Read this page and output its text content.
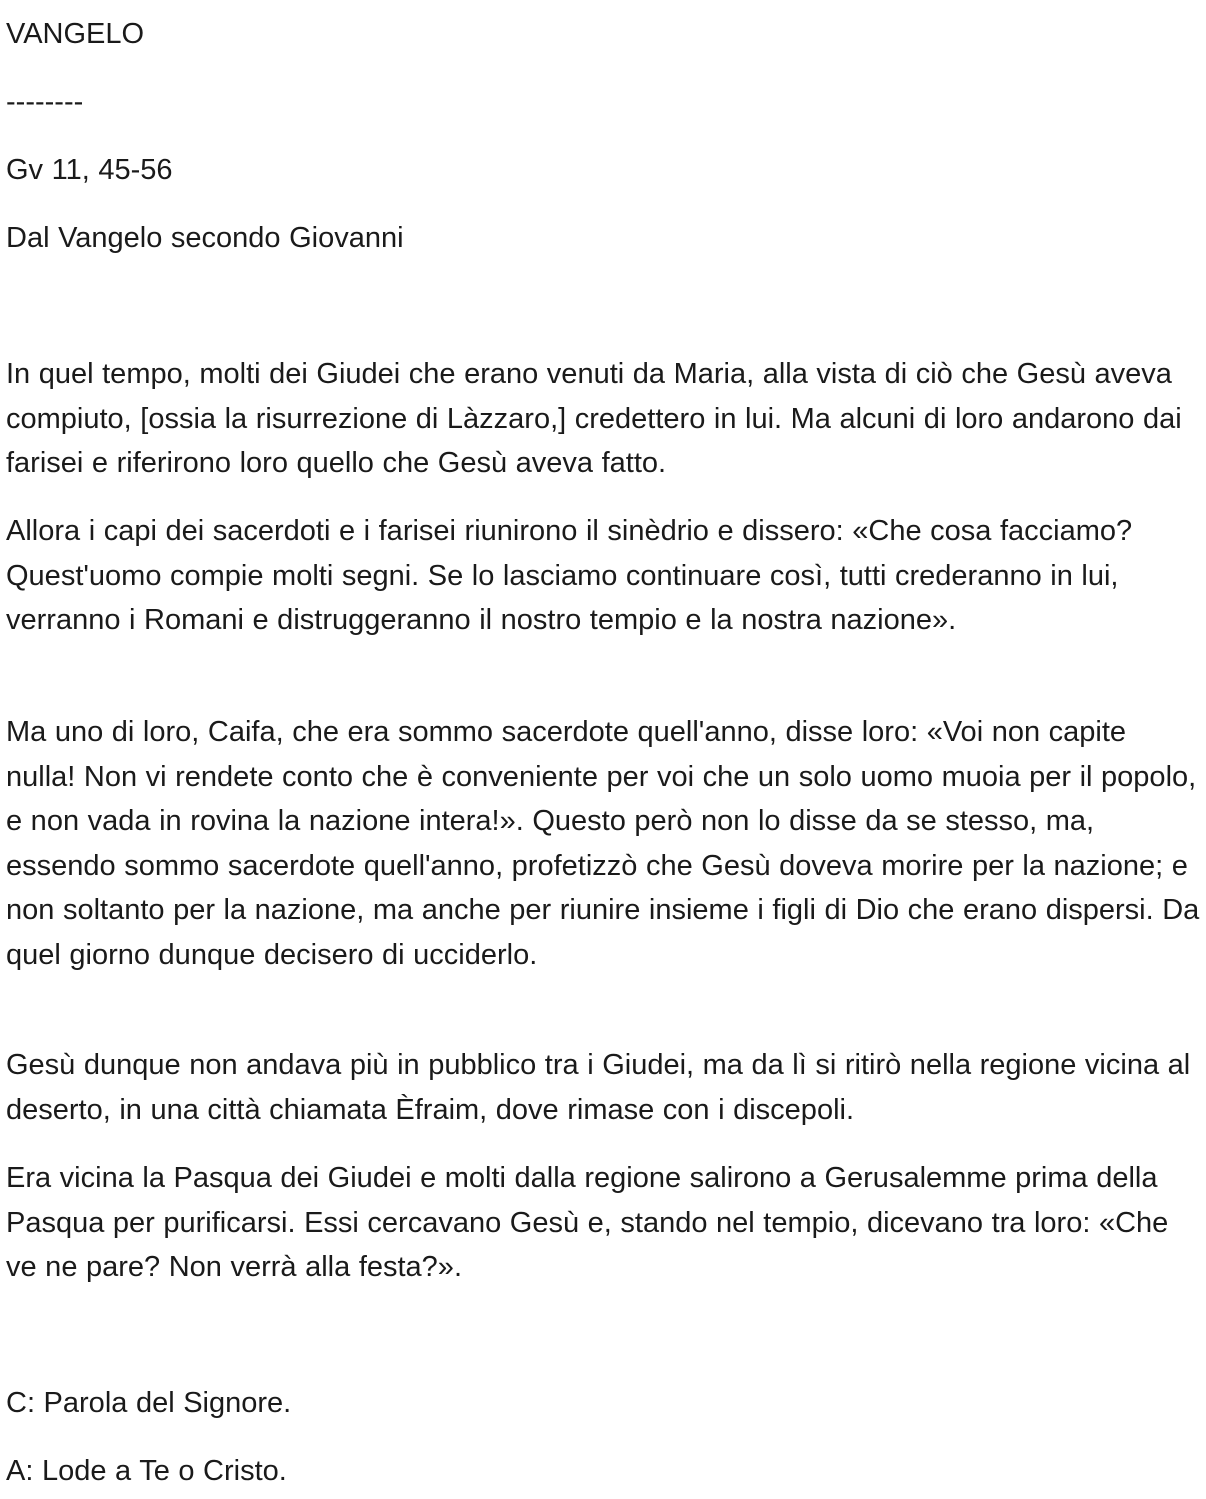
VANGELO
--------
Gv 11, 45-56
Dal Vangelo secondo Giovanni
In quel tempo, molti dei Giudei che erano venuti da Maria, alla vista di ciò che Gesù aveva compiuto, [ossia la risurrezione di Làzzaro,] credettero in lui. Ma alcuni di loro andarono dai farisei e riferirono loro quello che Gesù aveva fatto.
Allora i capi dei sacerdoti e i farisei riunirono il sinèdrio e dissero: «Che cosa facciamo? Quest'uomo compie molti segni. Se lo lasciamo continuare così, tutti crederanno in lui, verranno i Romani e distruggeranno il nostro tempio e la nostra nazione».
Ma uno di loro, Caifa, che era sommo sacerdote quell'anno, disse loro: «Voi non capite nulla! Non vi rendete conto che è conveniente per voi che un solo uomo muoia per il popolo, e non vada in rovina la nazione intera!». Questo però non lo disse da se stesso, ma, essendo sommo sacerdote quell'anno, profetizzò che Gesù doveva morire per la nazione; e non soltanto per la nazione, ma anche per riunire insieme i figli di Dio che erano dispersi. Da quel giorno dunque decisero di ucciderlo.
Gesù dunque non andava più in pubblico tra i Giudei, ma da lì si ritirò nella regione vicina al deserto, in una città chiamata Èfraim, dove rimase con i discepoli.
Era vicina la Pasqua dei Giudei e molti dalla regione salirono a Gerusalemme prima della Pasqua per purificarsi. Essi cercavano Gesù e, stando nel tempio, dicevano tra loro: «Che ve ne pare? Non verrà alla festa?».
C: Parola del Signore.
A: Lode a Te o Cristo.
